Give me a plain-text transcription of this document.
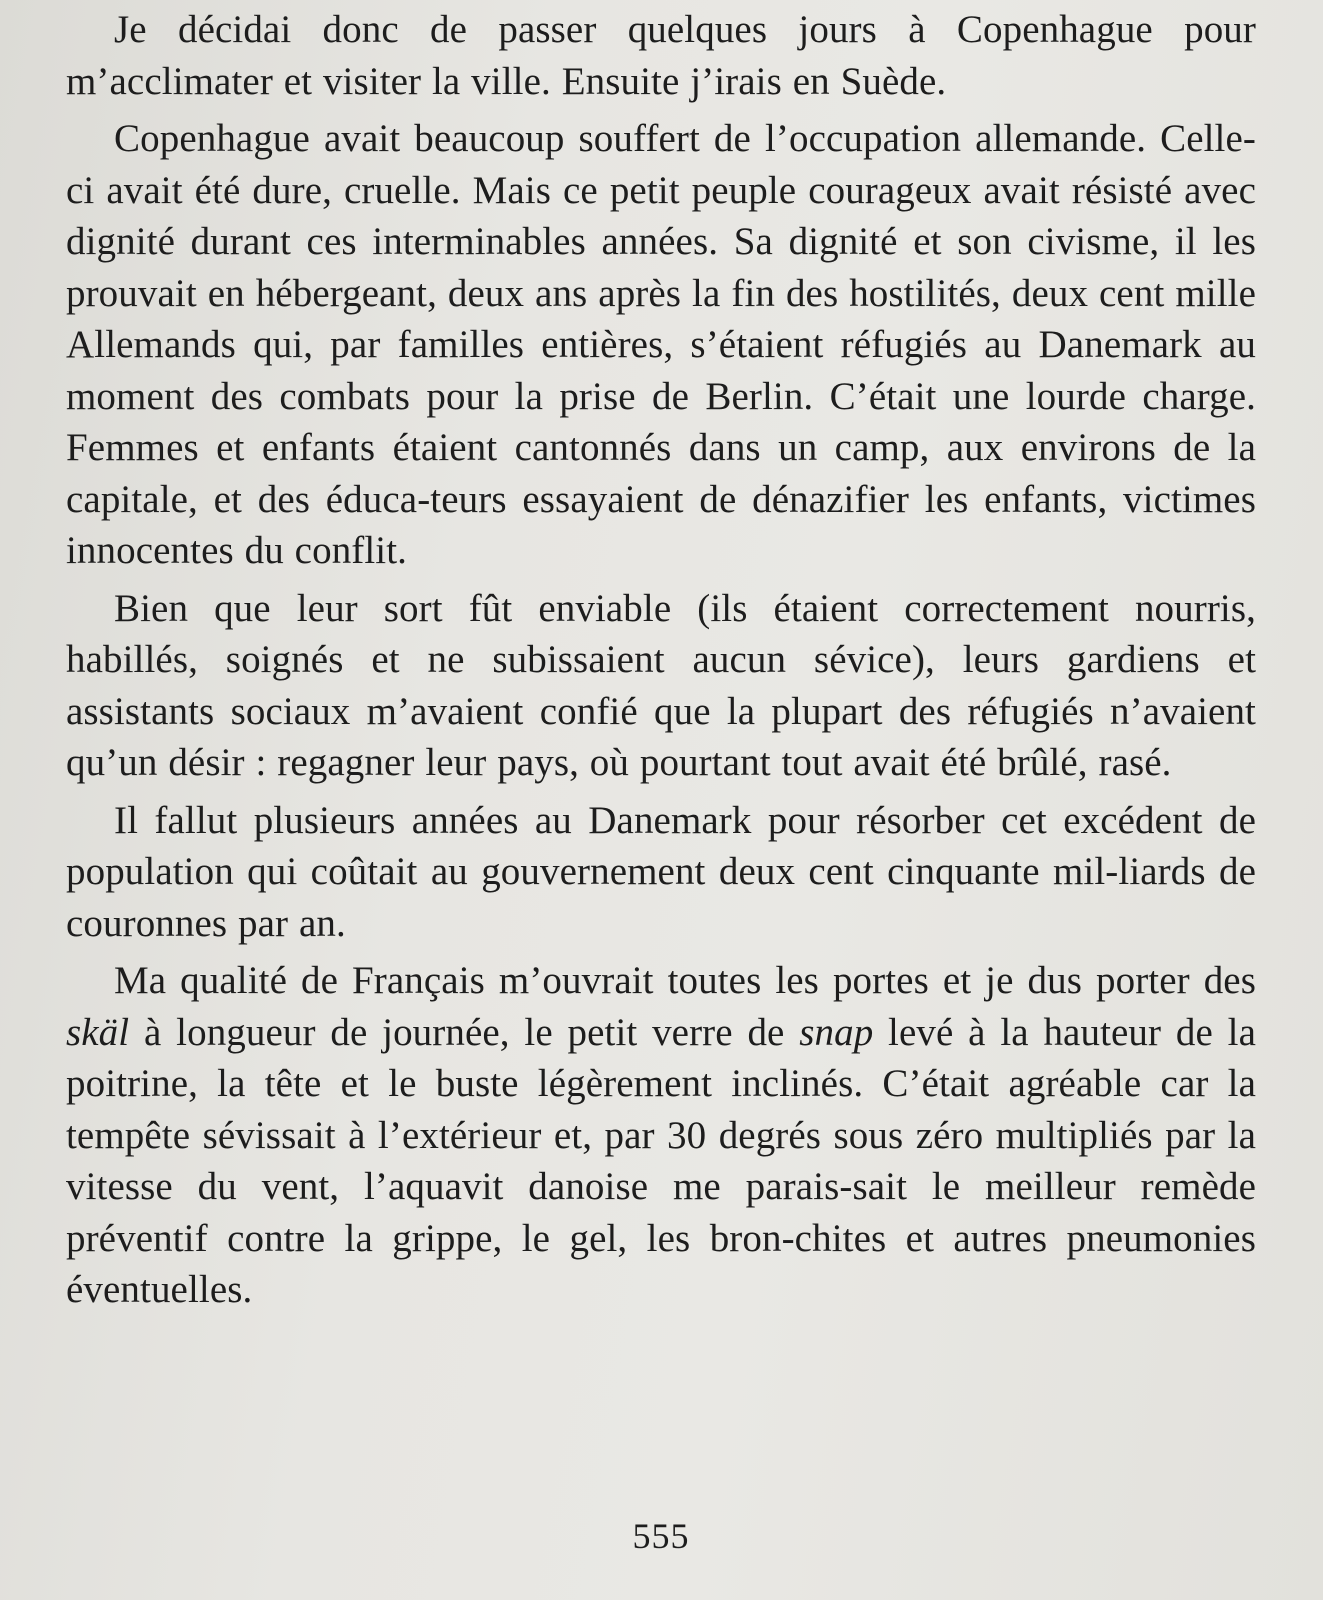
Je décidai donc de passer quelques jours à Copenhague pour m’acclimater et visiter la ville. Ensuite j’irais en Suède.

Copenhague avait beaucoup souffert de l’occupation allemande. Celle-ci avait été dure, cruelle. Mais ce petit peuple courageux avait résisté avec dignité durant ces interminables années. Sa dignité et son civisme, il les prouvait en hébergeant, deux ans après la fin des hostilités, deux cent mille Allemands qui, par familles entières, s’étaient réfugiés au Danemark au moment des combats pour la prise de Berlin. C’était une lourde charge. Femmes et enfants étaient cantonnés dans un camp, aux environs de la capitale, et des éduca-teurs essayaient de dénazifier les enfants, victimes innocentes du conflit.

Bien que leur sort fût enviable (ils étaient correctement nourris, habillés, soignés et ne subissaient aucun sévice), leurs gardiens et assistants sociaux m’avaient confié que la plupart des réfugiés n’avaient qu’un désir : regagner leur pays, où pourtant tout avait été brûlé, rasé.

Il fallut plusieurs années au Danemark pour résorber cet excédent de population qui coûtait au gouvernement deux cent cinquante mil-liards de couronnes par an.

Ma qualité de Français m’ouvrait toutes les portes et je dus porter des skäl à longueur de journée, le petit verre de snap levé à la hauteur de la poitrine, la tête et le buste légèrement inclinés. C’était agréable car la tempête sévissait à l’extérieur et, par 30 degrés sous zéro multipliés par la vitesse du vent, l’aquavit danoise me parais-sait le meilleur remède préventif contre la grippe, le gel, les bron-chites et autres pneumonies éventuelles.

555
